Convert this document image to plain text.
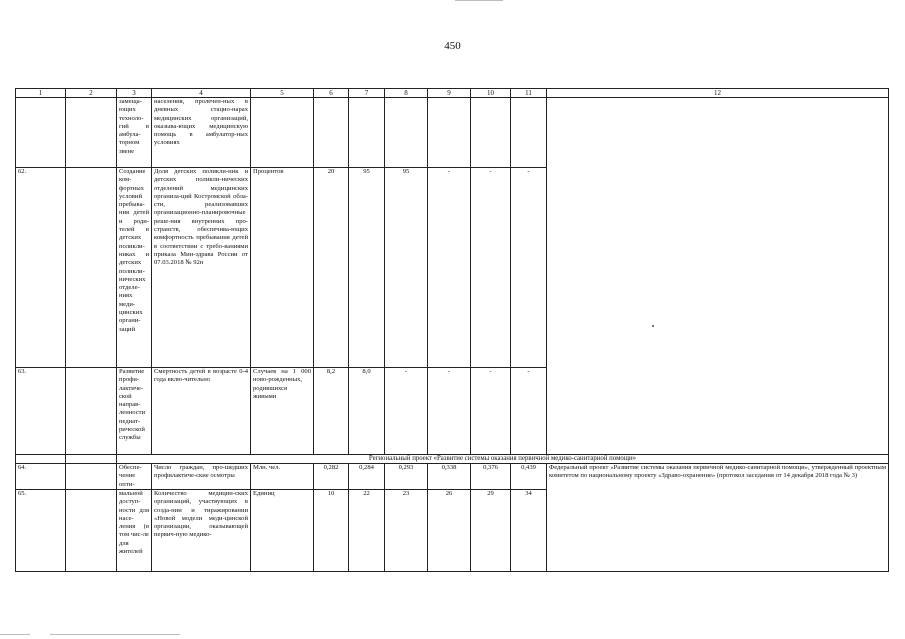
450
1	2	3	4	5	6	7	8	9	10	11	12
		замеща-ющих техноло-гий в амбула-торном звене	населения, пролечен-ных в дневных стацио-нарах медицинских организаций, оказыва-ющих медицинскую помощь в амбулатор-ных условиях								
62.		Создание ком-фортных условий пребыва-ния детей и роди-телей в детских поликли-никах и детских поликли-нических отделе-ниях меди-цинских органи-заций	Доля детских поликли-ник и детских поликли-нических отделений медицинских организа-ций Костромской обла-сти, реализовавших организационно-планировочные реше-ния внутренних про-странств, обеспечива-ющих комфортность пребывания детей в соответствии с требо-ваниями приказа Мин-здрава России от 07.03.2018 № 92н	Процентов	20	95	95	-	-	-	
63.		Развитие профи-лактиче-ской направ-ленности педиат-рической службы	Смертность детей в возрасте 0-4 года вклю-чительно	Случаев на 1 000 ново-рожденных, родившихся живыми	8,2	8,0	-	-	-	-	
		Региональный проект «Развитие системы оказания первичной медико-санитарной помощи»									
64.		Обеспе-чение опти-	Число граждан, про-шедших профилактиче-ские осмотры	Млн. чел.	0,282	0,284	0,293	0,338	0,376	0,439	Федеральный проект «Развитие системы оказания первичной медико-санитарной помощи», утвержденный проектным комитетом по национальному проекту «Здраво-охранение» (протокол заседания от 14 декабря 2018 года № 3)
65.		мальной доступ-ности для насе-ления (в том чис-ле для жителей	Количество медицин-ских организаций, участвующих в созда-нии и тиражировании «Новой модели меди-цинской организации, оказывающей первич-ную медико-	Единиц	10	22	23	26	29	34	
